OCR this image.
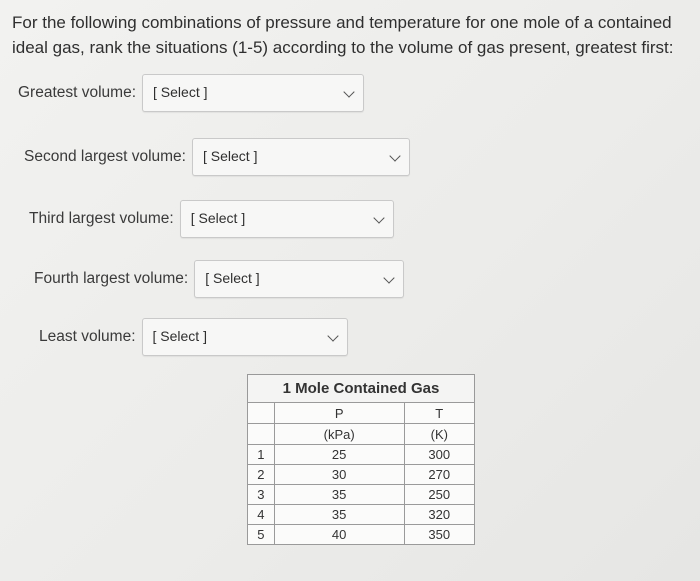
For the following combinations of pressure and temperature for one mole of a contained ideal gas, rank the situations (1-5) according to the volume of gas present, greatest first:
Greatest volume: [ Select ]
Second largest volume: [ Select ]
Third largest volume: [ Select ]
Fourth largest volume: [ Select ]
Least volume: [ Select ]
1 Mole Contained Gas
	P	T
	(kPa)	(K)
1	25	300
2	30	270
3	35	250
4	35	320
5	40	350
